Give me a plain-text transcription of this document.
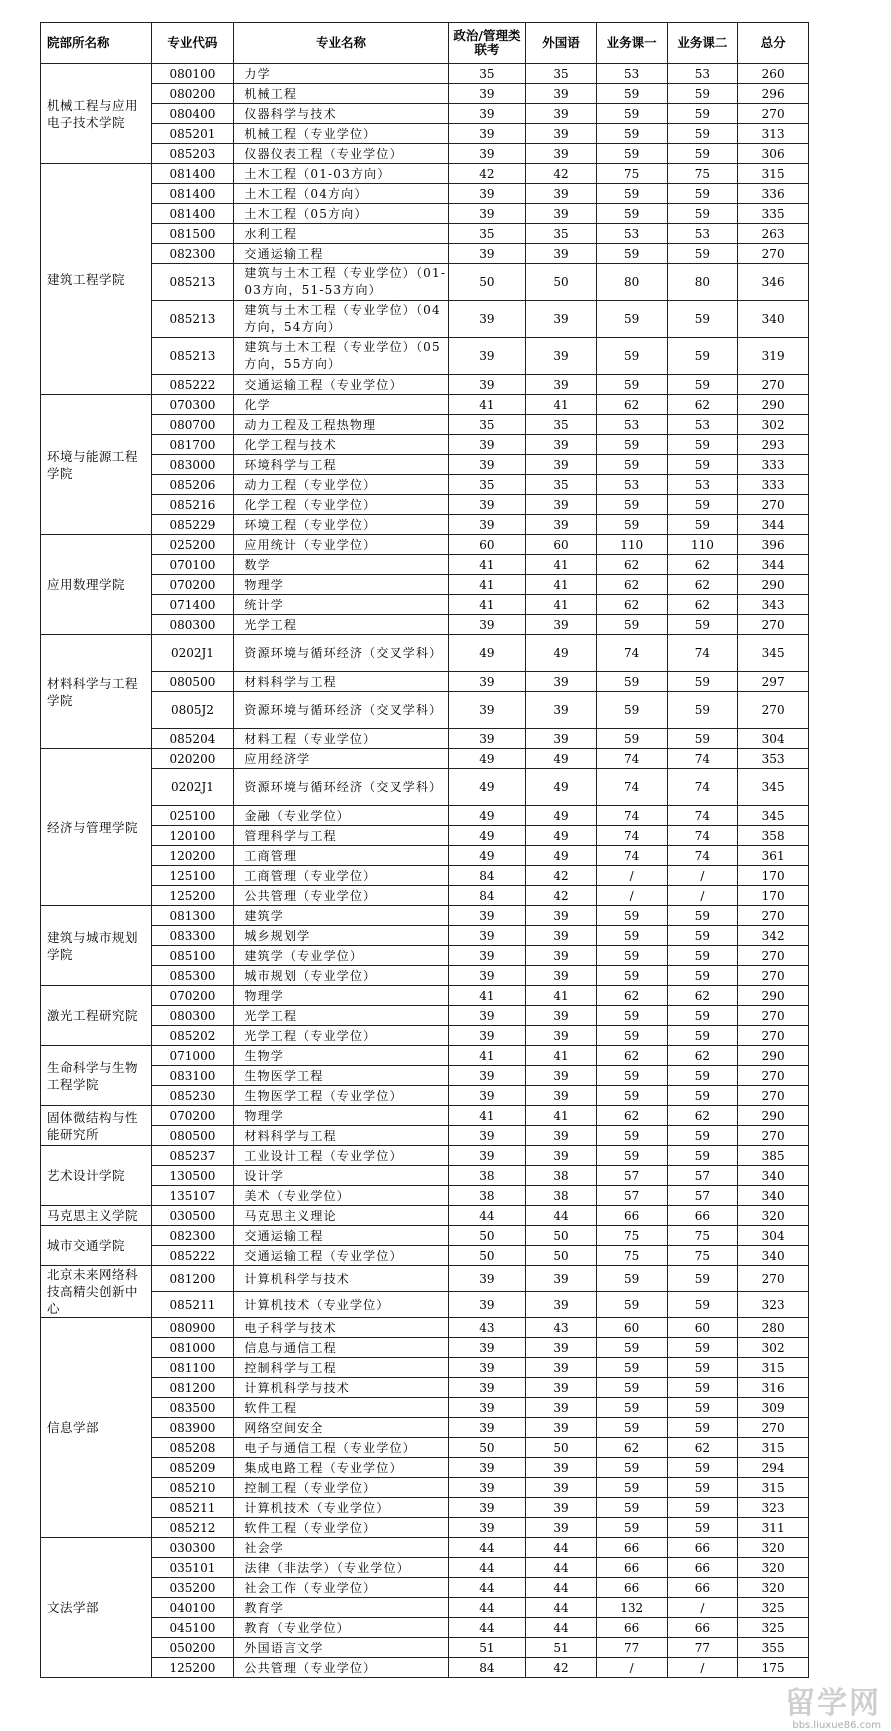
院部所名称	专业代码	专业名称	政治/管理类联考	外国语	业务课一	业务课二	总分
机械工程与应用电子技术学院	080100	力学	35	35	53	53	260
	080200	机械工程	39	39	59	59	296
	080400	仪器科学与技术	39	39	59	59	270
	085201	机械工程（专业学位）	39	39	59	59	313
	085203	仪器仪表工程（专业学位）	39	39	59	59	306
建筑工程学院	081400	土木工程（01-03方向）	42	42	75	75	315
	081400	土木工程（04方向）	39	39	59	59	336
	081400	土木工程（05方向）	39	39	59	59	335
	081500	水利工程	35	35	53	53	263
	082300	交通运输工程	39	39	59	59	270
	085213	建筑与土木工程（专业学位）（01-03方向，51-53方向）	50	50	80	80	346
	085213	建筑与土木工程（专业学位）（04方向，54方向）	39	39	59	59	340
	085213	建筑与土木工程（专业学位）（05方向，55方向）	39	39	59	59	319
	085222	交通运输工程（专业学位）	39	39	59	59	270
环境与能源工程学院	070300	化学	41	41	62	62	290
	080700	动力工程及工程热物理	35	35	53	53	302
	081700	化学工程与技术	39	39	59	59	293
	083000	环境科学与工程	39	39	59	59	333
	085206	动力工程（专业学位）	35	35	53	53	333
	085216	化学工程（专业学位）	39	39	59	59	270
	085229	环境工程（专业学位）	39	39	59	59	344
应用数理学院	025200	应用统计（专业学位）	60	60	110	110	396
	070100	数学	41	41	62	62	344
	070200	物理学	41	41	62	62	290
	071400	统计学	41	41	62	62	343
	080300	光学工程	39	39	59	59	270
材料科学与工程学院	0202J1	资源环境与循环经济（交叉学科）	49	49	74	74	345
	080500	材料科学与工程	39	39	59	59	297
	0805J2	资源环境与循环经济（交叉学科）	39	39	59	59	270
	085204	材料工程（专业学位）	39	39	59	59	304
经济与管理学院	020200	应用经济学	49	49	74	74	353
	0202J1	资源环境与循环经济（交叉学科）	49	49	74	74	345
	025100	金融（专业学位）	49	49	74	74	345
	120100	管理科学与工程	49	49	74	74	358
	120200	工商管理	49	49	74	74	361
	125100	工商管理（专业学位）	84	42	/	/	170
	125200	公共管理（专业学位）	84	42	/	/	170
建筑与城市规划学院	081300	建筑学	39	39	59	59	270
	083300	城乡规划学	39	39	59	59	342
	085100	建筑学（专业学位）	39	39	59	59	270
	085300	城市规划（专业学位）	39	39	59	59	270
激光工程研究院	070200	物理学	41	41	62	62	290
	080300	光学工程	39	39	59	59	270
	085202	光学工程（专业学位）	39	39	59	59	270
生命科学与生物工程学院	071000	生物学	41	41	62	62	290
	083100	生物医学工程	39	39	59	59	270
	085230	生物医学工程（专业学位）	39	39	59	59	270
固体微结构与性能研究所	070200	物理学	41	41	62	62	290
	080500	材料科学与工程	39	39	59	59	270
艺术设计学院	085237	工业设计工程（专业学位）	39	39	59	59	385
	130500	设计学	38	38	57	57	340
	135107	美术（专业学位）	38	38	57	57	340
马克思主义学院	030500	马克思主义理论	44	44	66	66	320
城市交通学院	082300	交通运输工程	50	50	75	75	304
	085222	交通运输工程（专业学位）	50	50	75	75	340
北京未来网络科技高精尖创新中心	081200	计算机科学与技术	39	39	59	59	270
	085211	计算机技术（专业学位）	39	39	59	59	323
信息学部	080900	电子科学与技术	43	43	60	60	280
	081000	信息与通信工程	39	39	59	59	302
	081100	控制科学与工程	39	39	59	59	315
	081200	计算机科学与技术	39	39	59	59	316
	083500	软件工程	39	39	59	59	309
	083900	网络空间安全	39	39	59	59	270
	085208	电子与通信工程（专业学位）	50	50	62	62	315
	085209	集成电路工程（专业学位）	39	39	59	59	294
	085210	控制工程（专业学位）	39	39	59	59	315
	085211	计算机技术（专业学位）	39	39	59	59	323
	085212	软件工程（专业学位）	39	39	59	59	311
文法学部	030300	社会学	44	44	66	66	320
	035101	法律（非法学）（专业学位）	44	44	66	66	320
	035200	社会工作（专业学位）	44	44	66	66	320
	040100	教育学	44	44	132	/	325
	045100	教育（专业学位）	44	44	66	66	325
	050200	外国语言文学	51	51	77	77	355
	125200	公共管理（专业学位）	84	42	/	/	175
留学网
bbs.liuxue86.com
